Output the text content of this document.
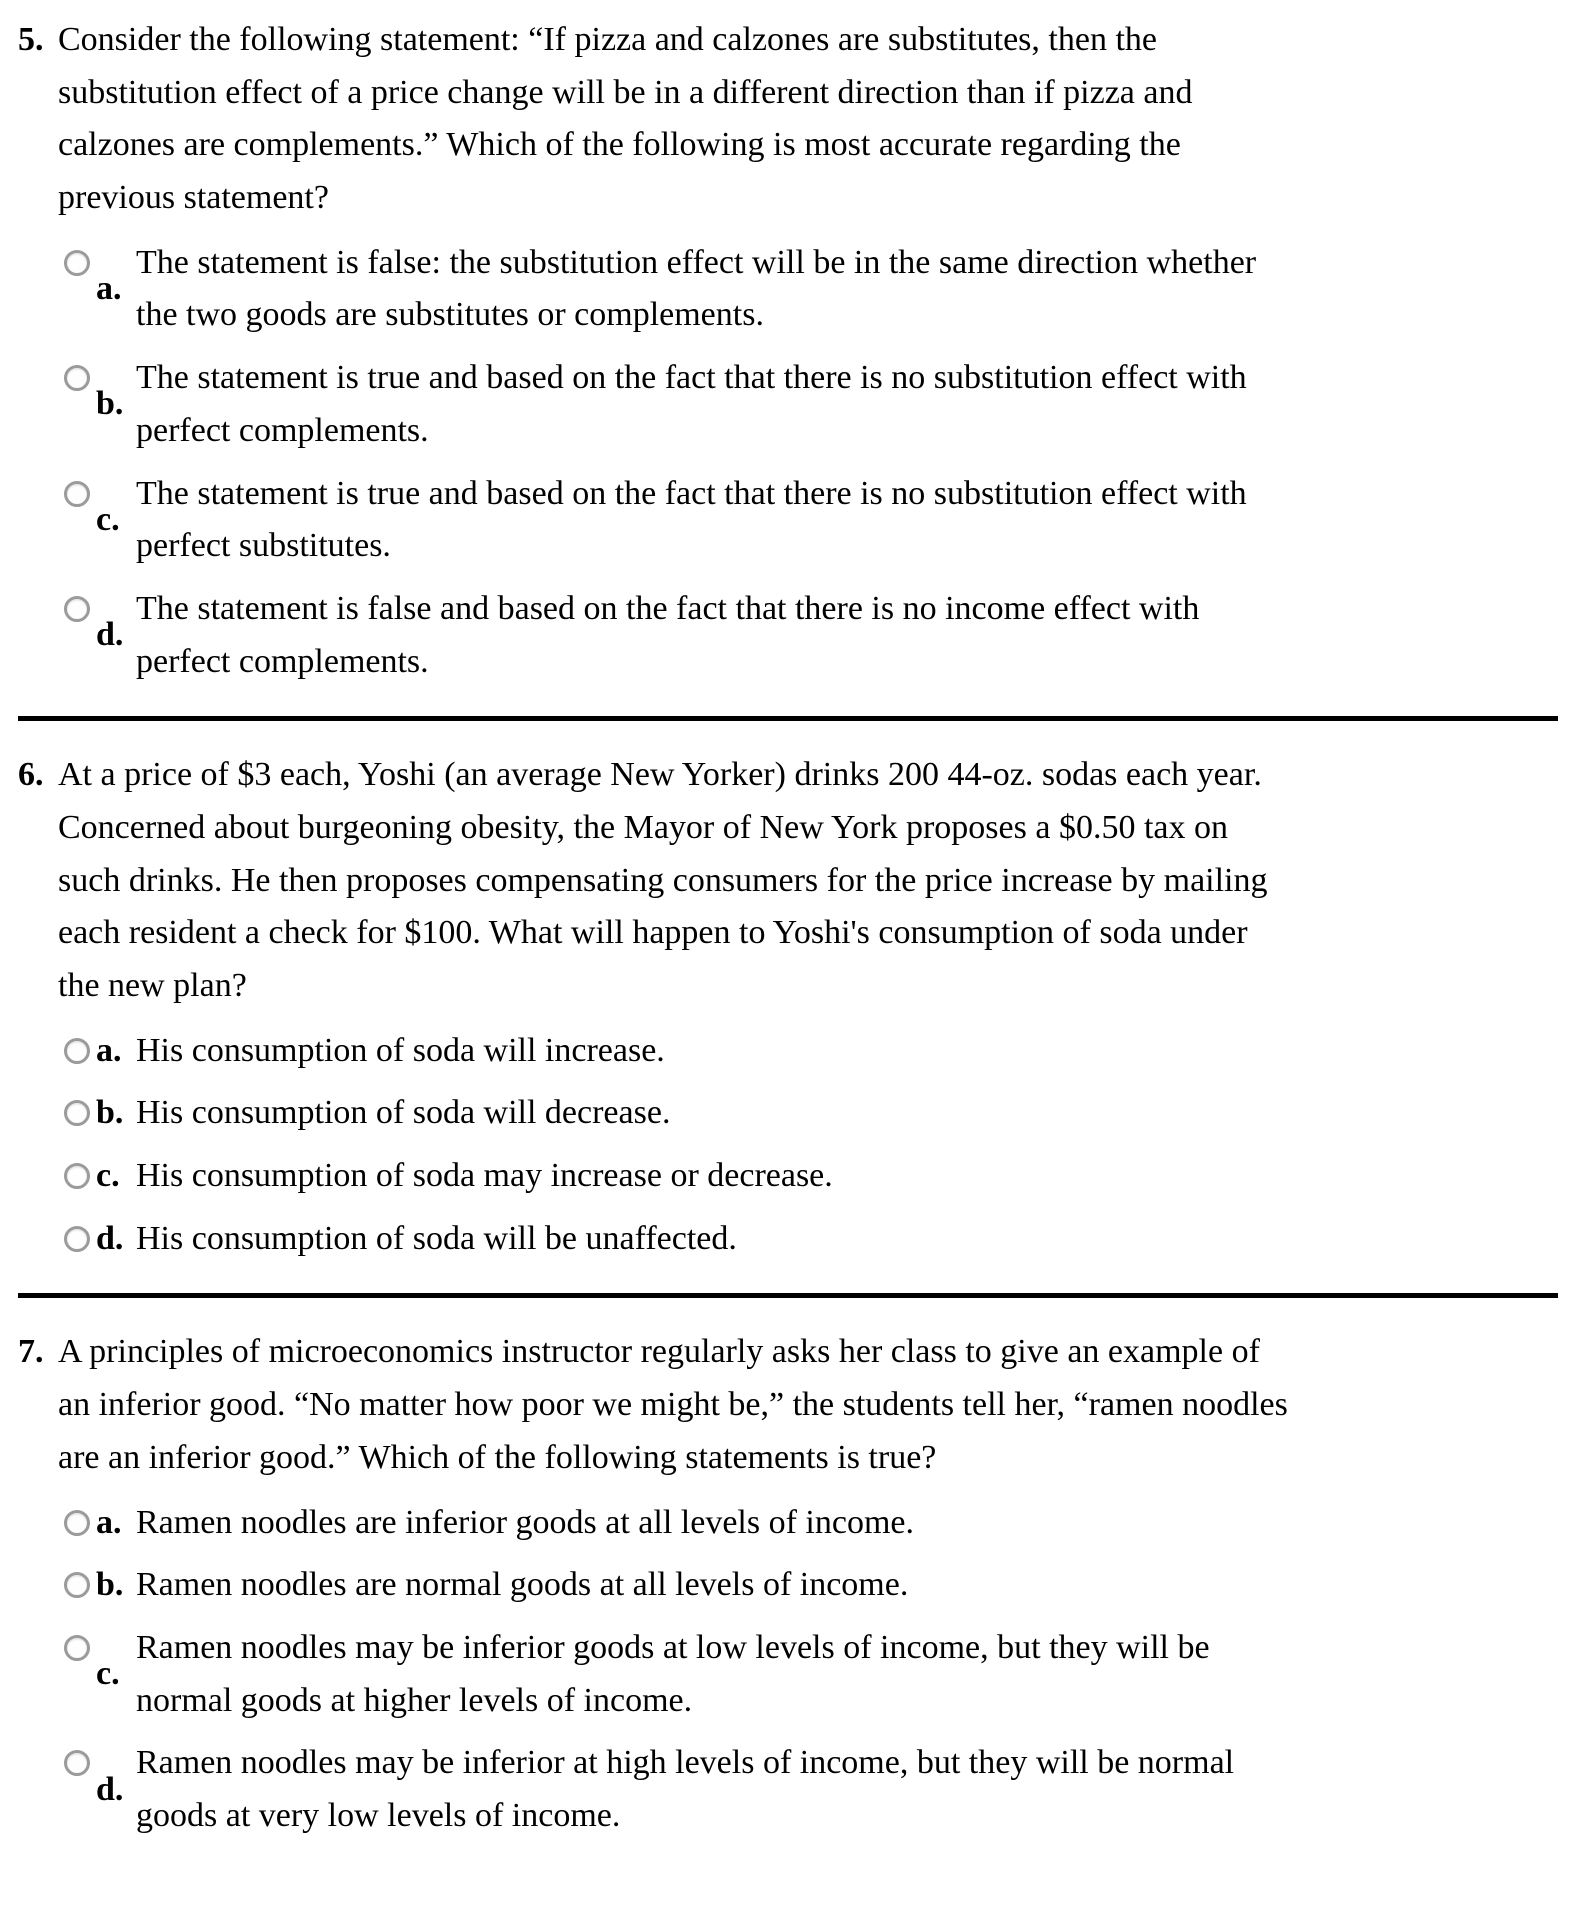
5. Consider the following statement: “If pizza and calzones are substitutes, then the substitution effect of a price change will be in a different direction than if pizza and calzones are complements.” Which of the following is most accurate regarding the previous statement?
a.
The statement is false: the substitution effect will be in the same direction whether the two goods are substitutes or complements.
b.
The statement is true and based on the fact that there is no substitution effect with perfect complements.
c.
The statement is true and based on the fact that there is no substitution effect with perfect substitutes.
d.
The statement is false and based on the fact that there is no income effect with perfect complements.
6. At a price of $3 each, Yoshi (an average New Yorker) drinks 200 44-oz. sodas each year. Concerned about burgeoning obesity, the Mayor of New York proposes a $0.50 tax on such drinks. He then proposes compensating consumers for the price increase by mailing each resident a check for $100. What will happen to Yoshi's consumption of soda under the new plan?
a. His consumption of soda will increase.
b. His consumption of soda will decrease.
c. His consumption of soda may increase or decrease.
d. His consumption of soda will be unaffected.
7. A principles of microeconomics instructor regularly asks her class to give an example of an inferior good. “No matter how poor we might be,” the students tell her, “ramen noodles are an inferior good.” Which of the following statements is true?
a. Ramen noodles are inferior goods at all levels of income.
b. Ramen noodles are normal goods at all levels of income.
c.
Ramen noodles may be inferior goods at low levels of income, but they will be normal goods at higher levels of income.
d.
Ramen noodles may be inferior at high levels of income, but they will be normal goods at very low levels of income.
